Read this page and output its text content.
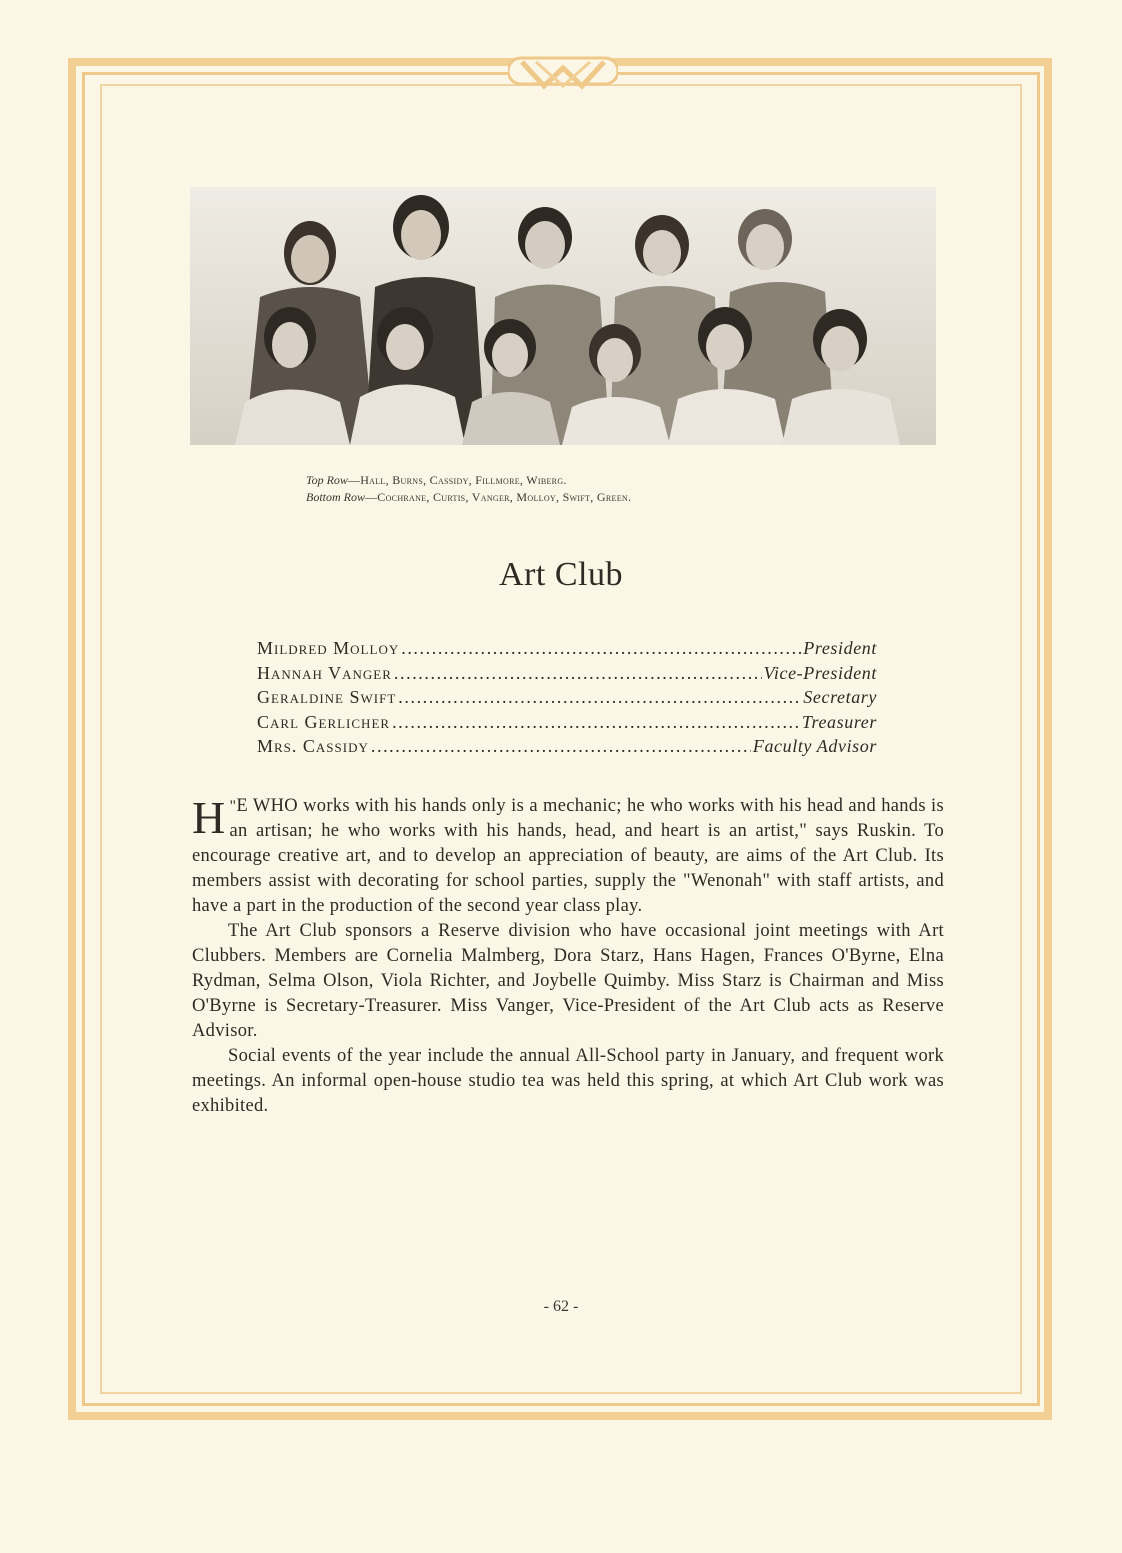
Top Row—Hall, Burns, Cassidy, Fillmore, Wiberg.
Bottom Row—Cochrane, Curtis, Vanger, Molloy, Swift, Green.
Art Club
Mildred Molloy .....	President
Hannah Vanger .....	Vice-President
Geraldine Swift .....	Secretary
Carl Gerlicher .....	Treasurer
Mrs. Cassidy .....	Faculty Advisor

"
H E WHO works with his hands only is a mechanic; he who works with his head and hands is an artisan; he who works with his hands, head, and heart is an artist," says Ruskin. To encourage creative art, and to develop an appreciation of beauty, are aims of the Art Club. Its members assist with decorating for school parties, supply the "Wenonah" with staff artists, and have a part in the production of the second year class play.

The Art Club sponsors a Reserve division who have occasional joint meetings with Art Clubbers. Members are Cornelia Malmberg, Dora Starz, Hans Hagen, Frances O'Byrne, Elna Rydman, Selma Olson, Viola Richter, and Joybelle Quimby. Miss Starz is Chairman and Miss O'Byrne is Secretary-Treasurer. Miss Vanger, Vice-President of the Art Club acts as Reserve Advisor.

Social events of the year include the annual All-School party in January, and frequent work meetings. An informal open-house studio tea was held this spring, at which Art Club work was exhibited.

- 62 -
